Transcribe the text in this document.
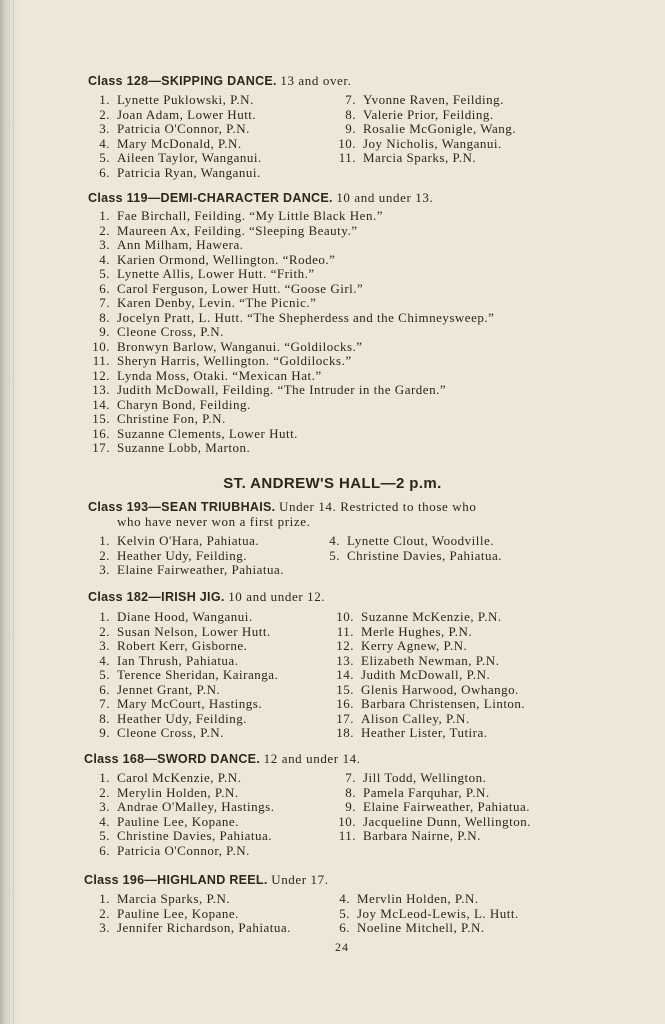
Class 128—SKIPPING DANCE. 13 and over.
1. Lynette Puklowski, P.N.
2. Joan Adam, Lower Hutt.
3. Patricia O'Connor, P.N.
4. Mary McDonald, P.N.
5. Aileen Taylor, Wanganui.
6. Patricia Ryan, Wanganui.
7. Yvonne Raven, Feilding.
8. Valerie Prior, Feilding.
9. Rosalie McGonigle, Wang.
10. Joy Nicholis, Wanganui.
11. Marcia Sparks, P.N.
Class 119—DEMI-CHARACTER DANCE. 10 and under 13.
1. Fae Birchall, Feilding. “My Little Black Hen.”
2. Maureen Ax, Feilding. “Sleeping Beauty.”
3. Ann Milham, Hawera.
4. Karien Ormond, Wellington. “Rodeo.”
5. Lynette Allis, Lower Hutt. “Frith.”
6. Carol Ferguson, Lower Hutt. “Goose Girl.”
7. Karen Denby, Levin. “The Picnic.”
8. Jocelyn Pratt, L. Hutt. “The Shepherdess and the Chimneysweep.”
9. Cleone Cross, P.N.
10. Bronwyn Barlow, Wanganui. “Goldilocks.”
11. Sheryn Harris, Wellington. “Goldilocks.”
12. Lynda Moss, Otaki. “Mexican Hat.”
13. Judith McDowall, Feilding. “The Intruder in the Garden.”
14. Charyn Bond, Feilding.
15. Christine Fon, P.N.
16. Suzanne Clements, Lower Hutt.
17. Suzanne Lobb, Marton.
ST. ANDREW'S HALL—2 p.m.
Class 193—SEAN TRIUBHAIS. Under 14. Restricted to those who
who have never won a first prize.
1. Kelvin O'Hara, Pahiatua.
2. Heather Udy, Feilding.
3. Elaine Fairweather, Pahiatua.
4. Lynette Clout, Woodville.
5. Christine Davies, Pahiatua.
Class 182—IRISH JIG. 10 and under 12.
1. Diane Hood, Wanganui.
2. Susan Nelson, Lower Hutt.
3. Robert Kerr, Gisborne.
4. Ian Thrush, Pahiatua.
5. Terence Sheridan, Kairanga.
6. Jennet Grant, P.N.
7. Mary McCourt, Hastings.
8. Heather Udy, Feilding.
9. Cleone Cross, P.N.
10. Suzanne McKenzie, P.N.
11. Merle Hughes, P.N.
12. Kerry Agnew, P.N.
13. Elizabeth Newman, P.N.
14. Judith McDowall, P.N.
15. Glenis Harwood, Owhango.
16. Barbara Christensen, Linton.
17. Alison Calley, P.N.
18. Heather Lister, Tutira.
Class 168—SWORD DANCE. 12 and under 14.
1. Carol McKenzie, P.N.
2. Merylin Holden, P.N.
3. Andrae O'Malley, Hastings.
4. Pauline Lee, Kopane.
5. Christine Davies, Pahiatua.
6. Patricia O'Connor, P.N.
7. Jill Todd, Wellington.
8. Pamela Farquhar, P.N.
9. Elaine Fairweather, Pahiatua.
10. Jacqueline Dunn, Wellington.
11. Barbara Nairne, P.N.
Class 196—HIGHLAND REEL. Under 17.
1. Marcia Sparks, P.N.
2. Pauline Lee, Kopane.
3. Jennifer Richardson, Pahiatua.
4. Mervlin Holden, P.N.
5. Joy McLeod-Lewis, L. Hutt.
6. Noeline Mitchell, P.N.
24
